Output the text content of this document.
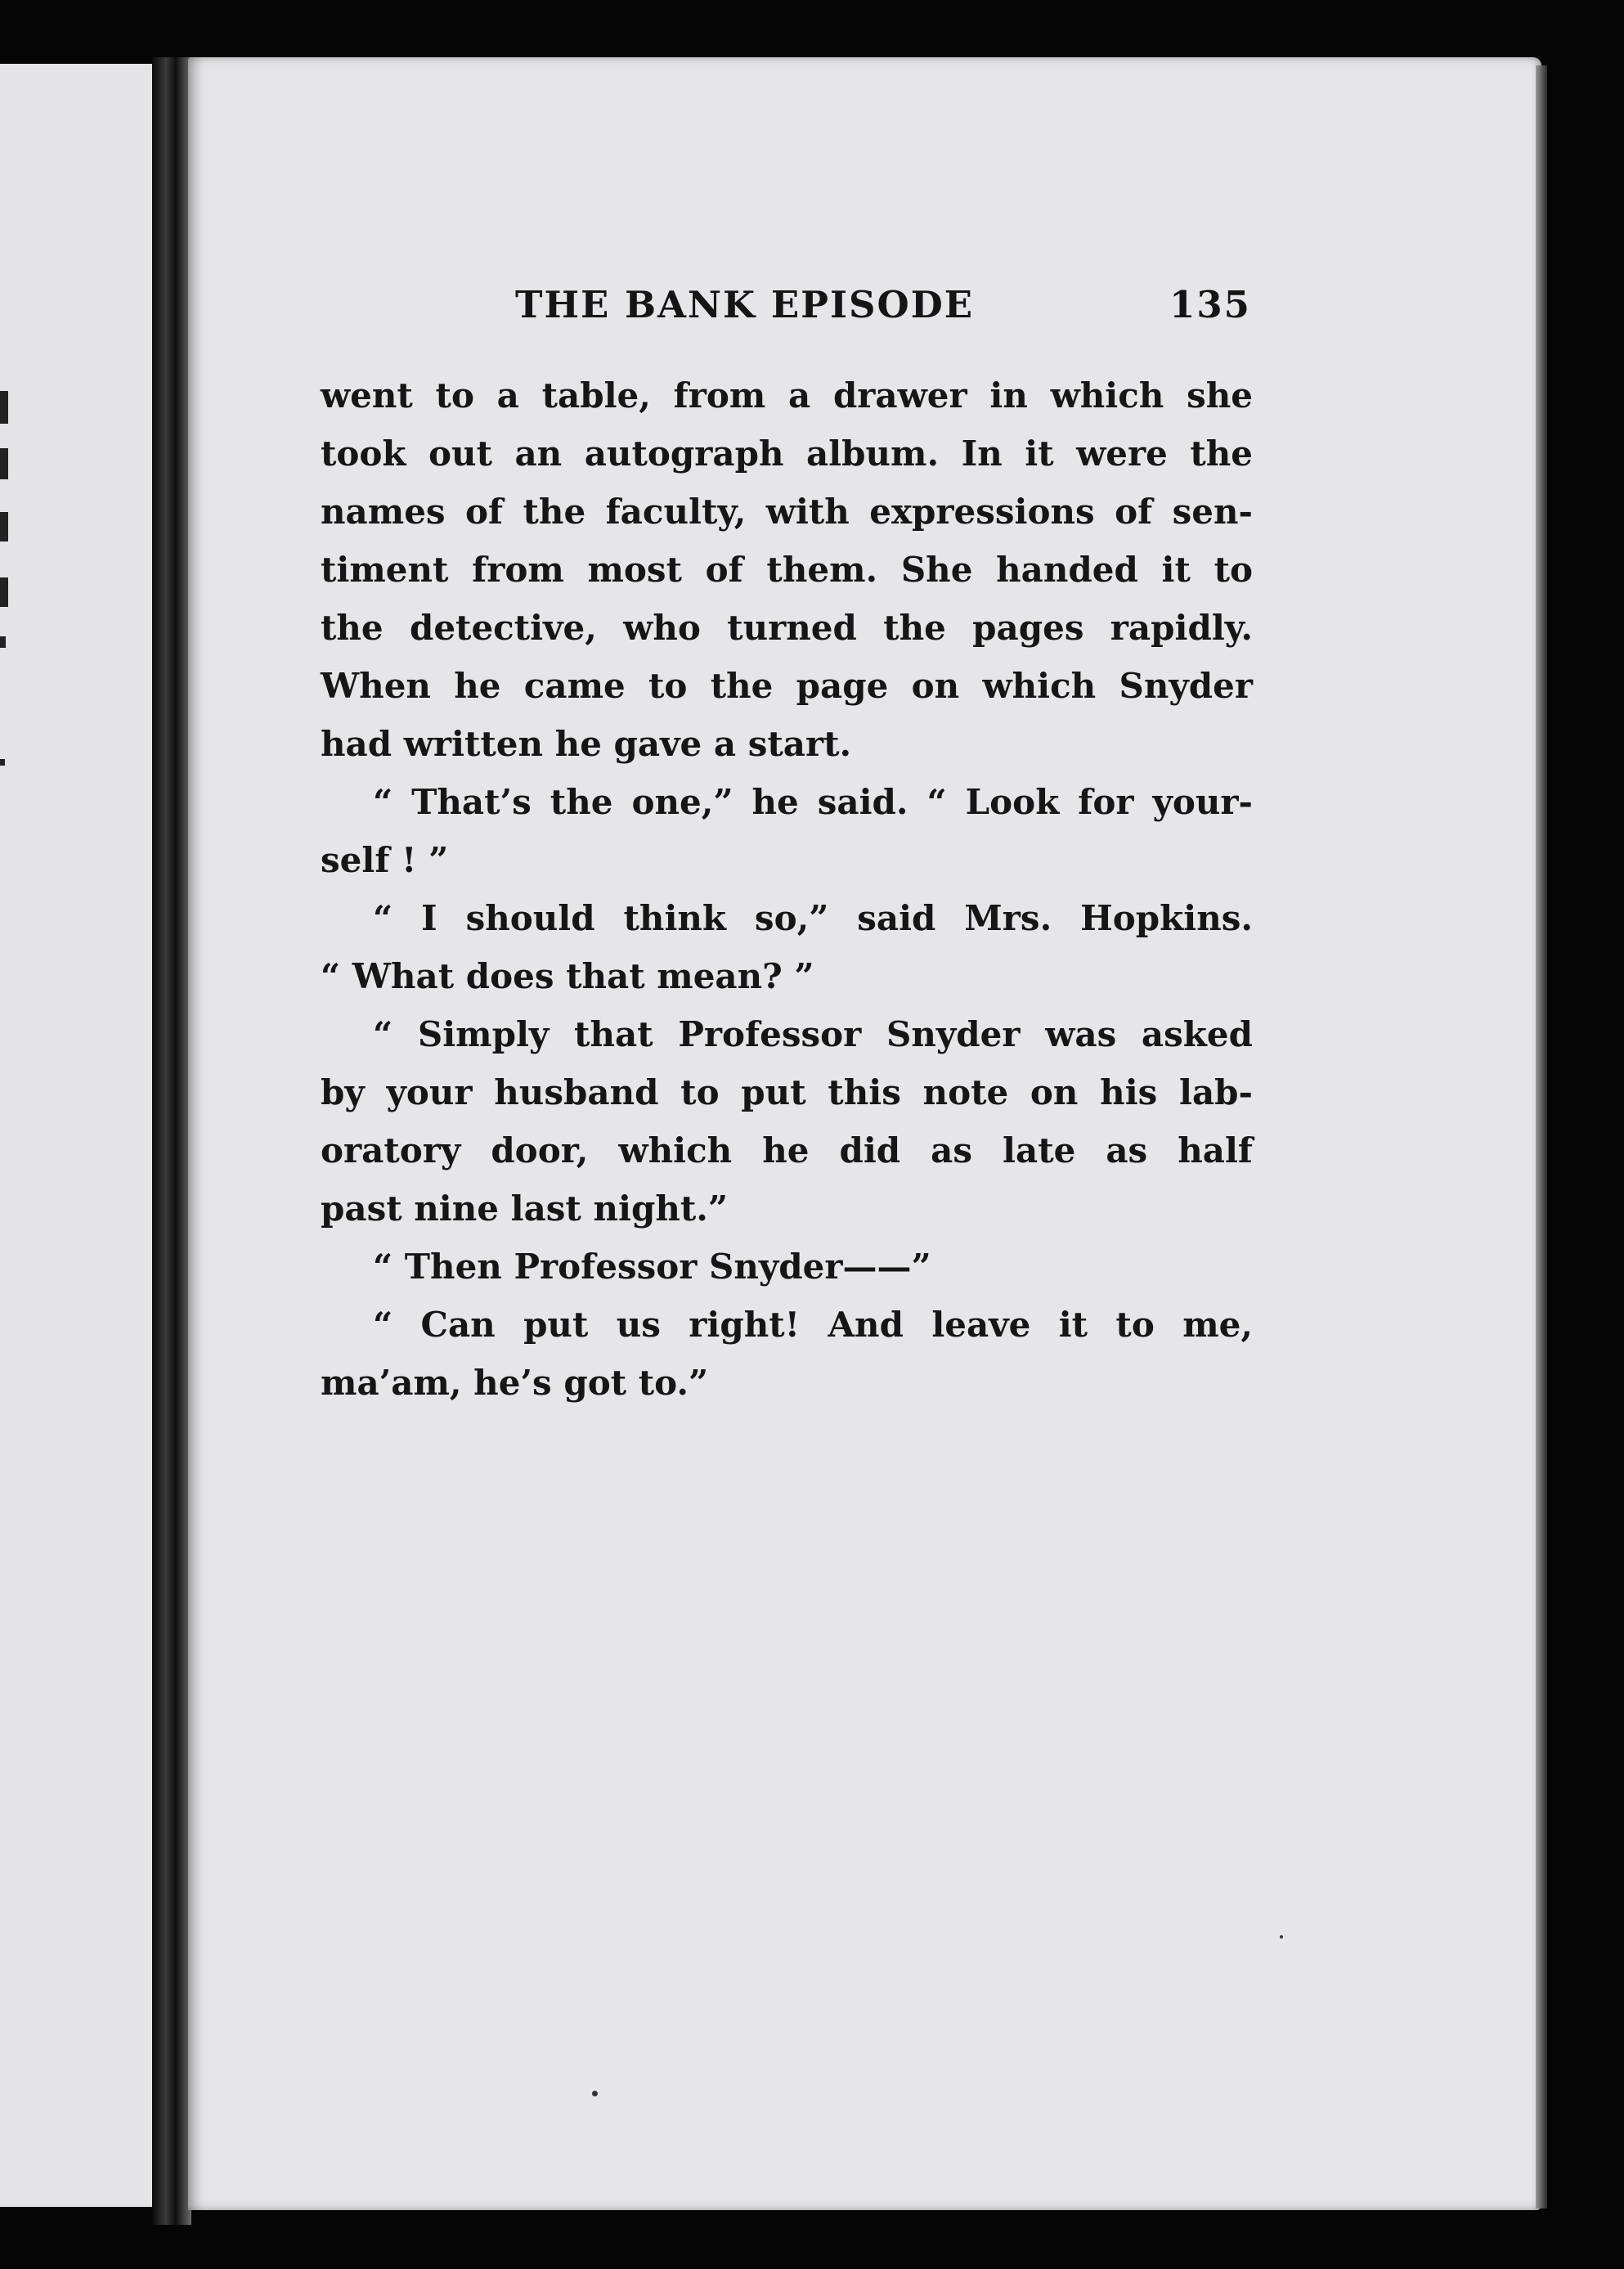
THE BANK EPISODE	135
went to a table, from a drawer in which she
took out an autograph album. In it were the
names of the faculty, with expressions of sen-
timent from most of them. She handed it to
the detective, who turned the pages rapidly.
When he came to the page on which Snyder
had written he gave a start.
“ That’s the one,” he said. “ Look for your-
self ! ”
“ I should think so,” said Mrs. Hopkins.
“ What does that mean? ”
“ Simply that Professor Snyder was asked
by your husband to put this note on his lab-
oratory door, which he did as late as half
past nine last night.”
“ Then Professor Snyder——”
“ Can put us right! And leave it to me,
ma’am, he’s got to.”
